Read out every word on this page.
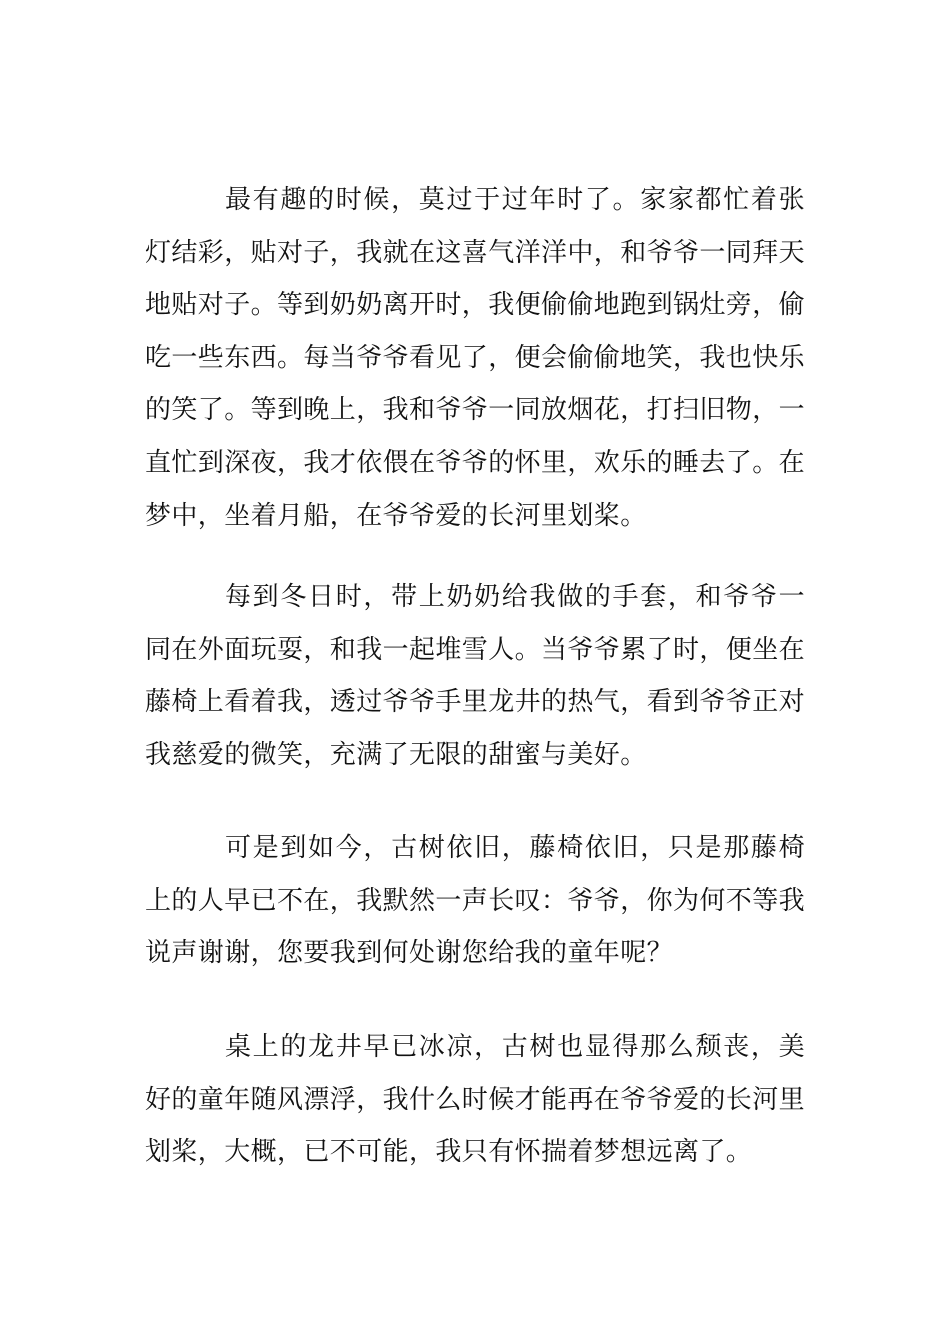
最有趣的时候，莫过于过年时了。家家都忙着张灯结彩，贴对子，我就在这喜气洋洋中，和爷爷一同拜天地贴对子。等到奶奶离开时，我便偷偷地跑到锅灶旁，偷吃一些东西。每当爷爷看见了，便会偷偷地笑，我也快乐的笑了。等到晚上，我和爷爷一同放烟花，打扫旧物，一直忙到深夜，我才依偎在爷爷的怀里，欢乐的睡去了。在梦中，坐着月船，在爷爷爱的长河里划桨。

每到冬日时，带上奶奶给我做的手套，和爷爷一同在外面玩耍，和我一起堆雪人。当爷爷累了时，便坐在藤椅上看着我，透过爷爷手里龙井的热气，看到爷爷正对我慈爱的微笑，充满了无限的甜蜜与美好。

可是到如今，古树依旧，藤椅依旧，只是那藤椅上的人早已不在，我默然一声长叹：爷爷，你为何不等我说声谢谢，您要我到何处谢您给我的童年呢？

桌上的龙井早已冰凉，古树也显得那么颓丧，美好的童年随风漂浮，我什么时候才能再在爷爷爱的长河里划桨，大概，已不可能，我只有怀揣着梦想远离了。
